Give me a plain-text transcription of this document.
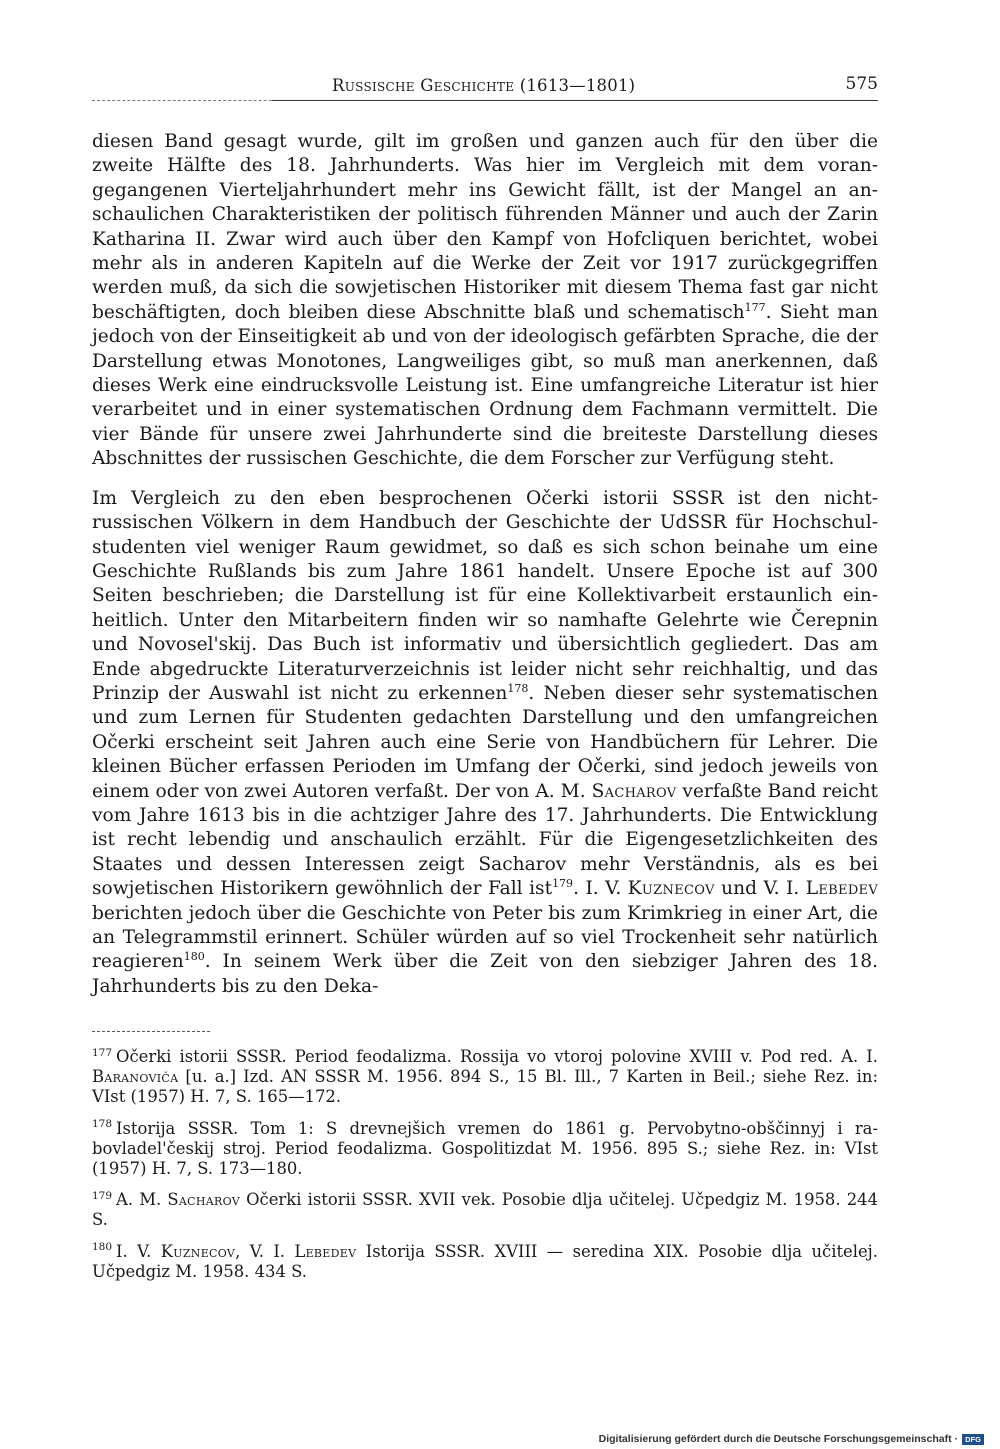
Russische Geschichte (1613—1801)	575

diesen Band gesagt wurde, gilt im großen und ganzen auch für den über die zweite Hälfte des 18. Jahrhunderts. Was hier im Vergleich mit dem vorangegangenen Vierteljahrhundert mehr ins Gewicht fällt, ist der Mangel an anschaulichen Charakteristiken der politisch führenden Männer und auch der Zarin Katharina II. Zwar wird auch über den Kampf von Hofcliquen berichtet, wobei mehr als in anderen Kapiteln auf die Werke der Zeit vor 1917 zurückgegriffen werden muß, da sich die sowjetischen Historiker mit diesem Thema fast gar nicht beschäftigten, doch bleiben diese Abschnitte blaß und schematisch$^{177}$. Sieht man jedoch von der Einseitigkeit ab und von der ideologisch gefärbten Sprache, die der Darstellung etwas Monotones, Langweiliges gibt, so muß man anerkennen, daß dieses Werk eine eindrucksvolle Leistung ist. Eine umfangreiche Literatur ist hier verarbeitet und in einer systematischen Ordnung dem Fachmann vermittelt. Die vier Bände für unsere zwei Jahrhunderte sind die breiteste Darstellung dieses Abschnittes der russischen Geschichte, die dem Forscher zur Verfügung steht.

Im Vergleich zu den eben besprochenen Očerki istorii SSSR ist den nichtrussischen Völkern in dem Handbuch der Geschichte der UdSSR für Hochschulstudenten viel weniger Raum gewidmet, so daß es sich schon beinahe um eine Geschichte Rußlands bis zum Jahre 1861 handelt. Unsere Epoche ist auf 300 Seiten beschrieben; die Darstellung ist für eine Kollektivarbeit erstaunlich einheitlich. Unter den Mitarbeitern finden wir so namhafte Gelehrte wie Čerepnin und Novosel'skij. Das Buch ist informativ und übersichtlich gegliedert. Das am Ende abgedruckte Literaturverzeichnis ist leider nicht sehr reichhaltig, und das Prinzip der Auswahl ist nicht zu erkennen$^{178}$. Neben dieser sehr systematischen und zum Lernen für Studenten gedachten Darstellung und den umfangreichen Očerki erscheint seit Jahren auch eine Serie von Handbüchern für Lehrer. Die kleinen Bücher erfassen Perioden im Umfang der Očerki, sind jedoch jeweils von einem oder von zwei Autoren verfaßt. Der von A. M. Sacharov verfaßte Band reicht vom Jahre 1613 bis in die achtziger Jahre des 17. Jahrhunderts. Die Entwicklung ist recht lebendig und anschaulich erzählt. Für die Eigengesetzlichkeiten des Staates und dessen Interessen zeigt Sacharov mehr Verständnis, als es bei sowjetischen Historikern gewöhnlich der Fall ist$^{179}$. I. V. Kuznecov und V. I. Lebedev berichten jedoch über die Geschichte von Peter bis zum Krimkrieg in einer Art, die an Telegrammstil erinnert. Schüler würden auf so viel Trockenheit sehr natürlich reagieren$^{180}$. In seinem Werk über die Zeit von den siebziger Jahren des 18. Jahrhunderts bis zu den Deka-

$^{177}$ Očerki istorii SSSR. Period feodalizma. Rossija vo vtoroj polovine XVIII v. Pod red. A. I. Baranoviča [u. a.] Izd. AN SSSR M. 1956. 894 S., 15 Bl. Ill., 7 Karten in Beil.; siehe Rez. in: VIst (1957) H. 7, S. 165—172.

$^{178}$ Istorija SSSR. Tom 1: S drevnejšich vremen do 1861 g. Pervobytno-obščinnyj i rabovladel'českij stroj. Period feodalizma. Gospolitizdat M. 1956. 895 S.; siehe Rez. in: VIst (1957) H. 7, S. 173—180.

$^{179}$ A. M. Sacharov Očerki istorii SSSR. XVII vek. Posobie dlja učitelej. Učpedgiz M. 1958. 244 S.

$^{180}$ I. V. Kuznecov, V. I. Lebedev Istorija SSSR. XVIII — seredina XIX. Posobie dlja učitelej. Učpedgiz M. 1958. 434 S.

Digitalisierung gefördert durch die Deutsche Forschungsgemeinschaft · DFG
